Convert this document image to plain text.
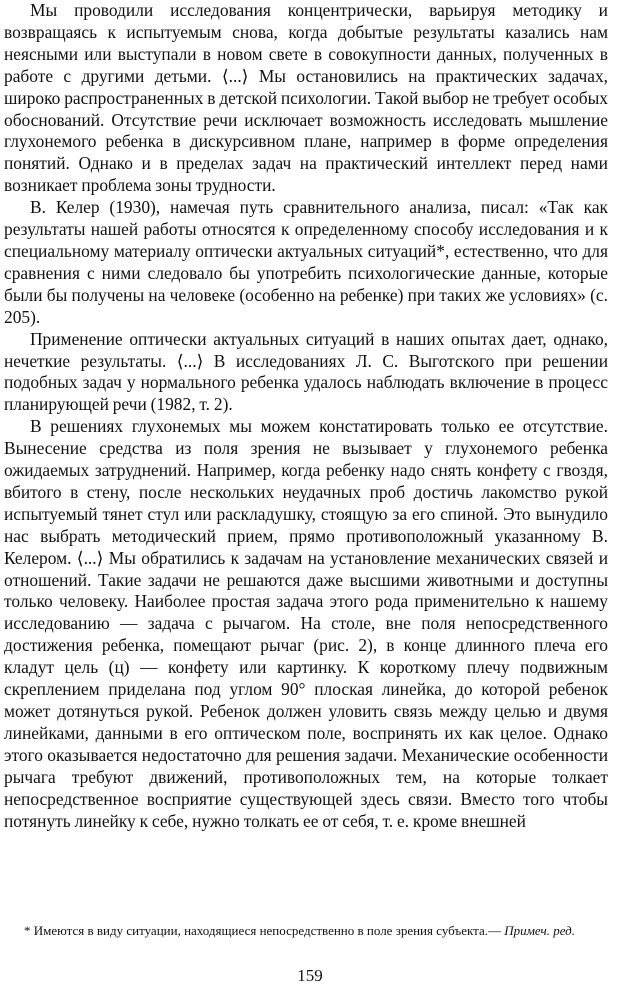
Мы проводили исследования концентрически, варьируя методику и возвращаясь к испытуемым снова, когда добытые результаты казались нам неясными или выступали в новом свете в совокупности данных, полученных в работе с другими детьми. ⟨...⟩ Мы остановились на практических задачах, широко распространенных в детской психологии. Такой выбор не требует особых обоснований. Отсутствие речи исключает возможность исследовать мышление глухонемого ребенка в дискурсивном плане, например в форме определения понятий. Однако и в пределах задач на практический интеллект перед нами возникает проблема зоны трудности.

В. Келер (1930), намечая путь сравнительного анализа, писал: «Так как результаты нашей работы относятся к определенному способу исследования и к специальному материалу оптически актуальных ситуаций*, естественно, что для сравнения с ними следовало бы употребить психологические данные, которые были бы получены на человеке (особенно на ребенке) при таких же условиях» (с. 205).

Применение оптически актуальных ситуаций в наших опытах дает, однако, нечеткие результаты. ⟨...⟩ В исследованиях Л. С. Выготского при решении подобных задач у нормального ребенка удалось наблюдать включение в процесс планирующей речи (1982, т. 2).

В решениях глухонемых мы можем констатировать только ее отсутствие. Вынесение средства из поля зрения не вызывает у глухонемого ребенка ожидаемых затруднений. Например, когда ребенку надо снять конфету с гвоздя, вбитого в стену, после нескольких неудачных проб достичь лакомство рукой испытуемый тянет стул или раскладушку, стоящую за его спиной. Это вынудило нас выбрать методический прием, прямо противоположный указанному В. Келером. ⟨...⟩ Мы обратились к задачам на установление механических связей и отношений. Такие задачи не решаются даже высшими животными и доступны только человеку. Наиболее простая задача этого рода применительно к нашему исследованию — задача с рычагом. На столе, вне поля непосредственного достижения ребенка, помещают рычаг (рис. 2), в конце длинного плеча его кладут цель (ц) — конфету или картинку. К короткому плечу подвижным скреплением приделана под углом 90° плоская линейка, до которой ребенок может дотянуться рукой. Ребенок должен уловить связь между целью и двумя линейками, данными в его оптическом поле, воспринять их как целое. Однако этого оказывается недостаточно для решения задачи. Механические особенности рычага требуют движений, противоположных тем, на которые толкает непосредственное восприятие существующей здесь связи. Вместо того чтобы потянуть линейку к себе, нужно толкать ее от себя, т. е. кроме внешней

* Имеются в виду ситуации, находящиеся непосредственно в поле зрения субъекта.— Примеч. ред.

159
